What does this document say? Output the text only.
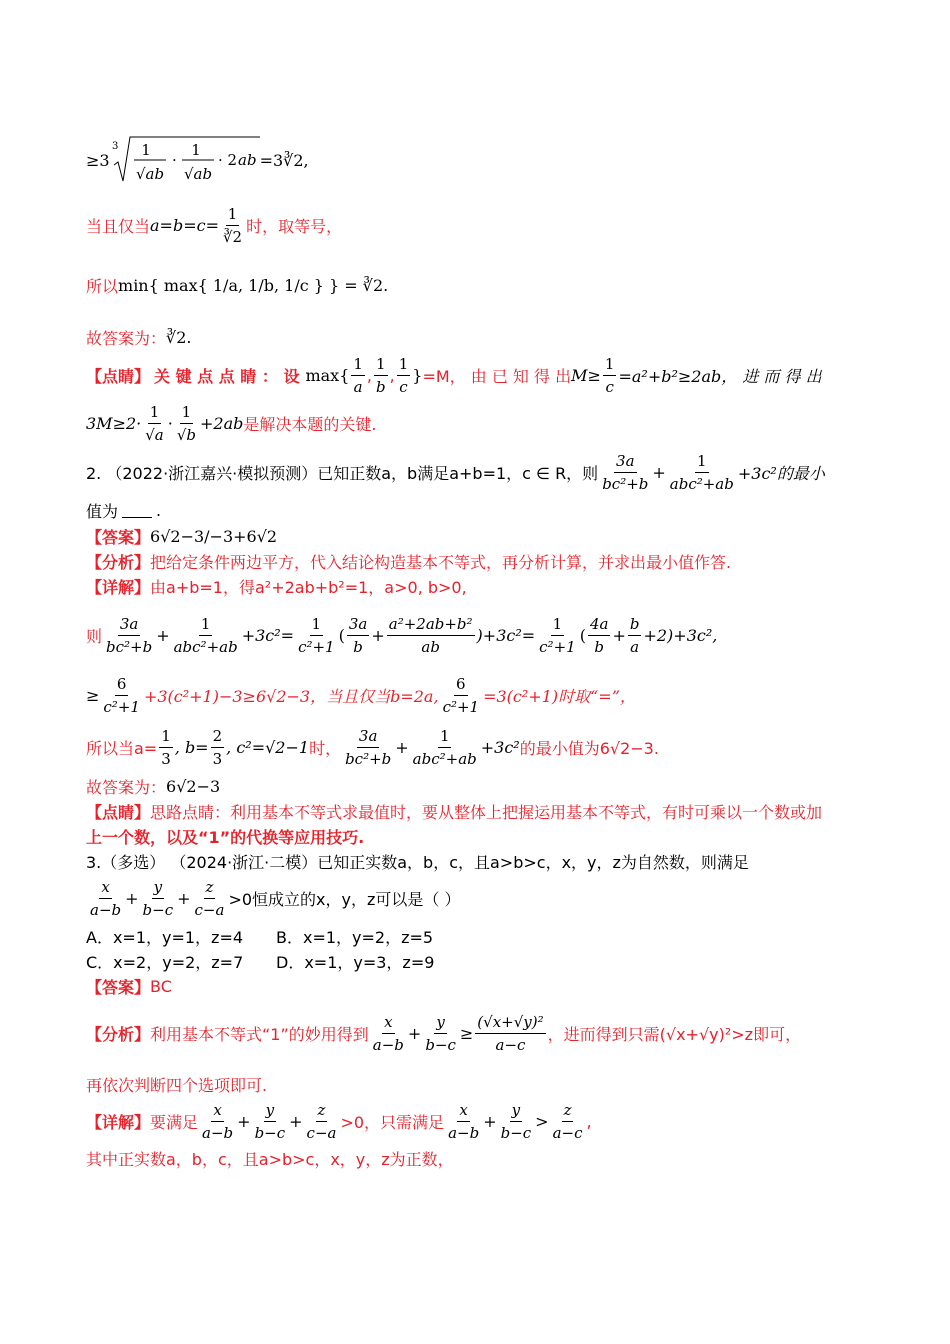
≥3
3 1
√ab
·
1
√ab
· 2 ab =3∛2,
当且仅当 $a=b=c= \frac{1}{∛2}$ 时，取等号，
所以 min{ max{ 1/a, 1/b, 1/c } } = ∛2.
故答案为： ∛2.
【点睛】 关 键 点 点 睛 ： 设 $\max\{ \frac{1}{a}$ , $\frac{1}{b}$ , $\frac{1}{c}$ } =M， 由 已 知 得 出 $M\ge \frac{1}{c} =a^2+b^2\ge 2ab$， 进 而 得 出
$3M\ge 2\cdot \frac{1}{√a} \cdot \frac{1}{√b} +2ab$ 是解决本题的关键.
2. （2022·浙江嘉兴·模拟预测）已知正数a，b满足a+b=1，c ∈ R，则 $\frac{3a}{\text{bc²+b}} + \frac{1}{\text{abc²+ab}} +3c^2$的最小
值为 .
【答案】 6√2−3/−3+6√2
【分析】 把给定条件两边平方，代入结论构造基本不等式，再分析计算，并求出最小值作答.
【详解】 由a+b=1，得a²+2ab+b²=1，a>0, b>0,
则 $\frac{3a}{\text{bc²+b}} + \frac{1}{\text{abc²+ab}} +3c^2= \frac{1}{\text{c²+1}}$ ( $\frac{3a}{b} + \frac{\text{a²+2ab+b²}}{ab} )+3c^2= \frac{1}{\text{c²+1}}$ ( $\frac{4a}{b} + \frac{b}{a} +2)+3c^2$,
≥ $\frac{6}{\text{c²+1}} +3(c^2+1)-3\ge 6√2-3$，当且仅当b=2a, $\frac{6}{\text{c²+1}} =3(c^2+1)$时取“=”，
所以当$a= \frac{1}{3}$ , $b= \frac{2}{3}$ , c²=√2−1 时， $\frac{3a}{\text{bc²+b}} + \frac{1}{\text{abc²+ab}} +3c^2$ 的最小值为6√2−3.
故答案为： 6√2−3
【点睛】 思路点睛：利用基本不等式求最值时，要从整体上把握运用基本不等式，有时可乘以一个数或加
上一个数，以及“1”的代换等应用技巧.
3.（多选） （2024·浙江·二模）已知正实数a，b，c，且a>b>c，x，y，z为自然数，则满足
$\frac{x}{a-b} + \frac{y}{b-c} + \frac{z}{c-a} >0$恒成立的x，y，z可以是（ ）
A．x=1，y=1，z=4	B．x=1，y=2，z=5
C．x=2，y=2，z=7	D．x=1，y=3，z=9
【答案】 BC
【分析】 利用基本不等式“1”的妙用得到 $\frac{x}{a-b} + \frac{y}{b-c} \ge \frac{\text{(√x+√y)²}}{a-c}$ ，进而得到只需(√x+√y)²>z即可，
再依次判断四个选项即可.
【详解】 要满足 $\frac{x}{a-b} + \frac{y}{b-c} + \frac{z}{c-a} >0$，只需满足 $\frac{x}{a-b} + \frac{y}{b-c} > \frac{z}{a-c}$ ,
其中正实数a，b，c，且a>b>c，x，y，z为正数，
